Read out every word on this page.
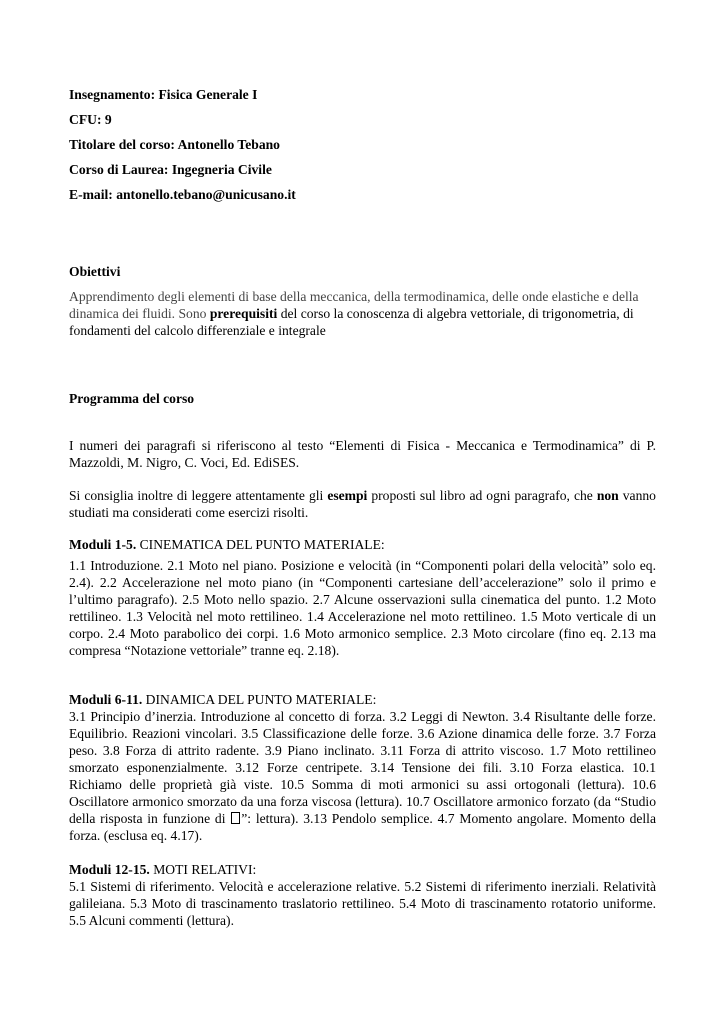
Insegnamento: Fisica Generale I

CFU: 9

Titolare del corso: Antonello Tebano

Corso di Laurea: Ingegneria Civile

E-mail: antonello.tebano@unicusano.it

Obiettivi

Apprendimento degli elementi di base della meccanica, della termodinamica, delle onde elastiche e della dinamica dei fluidi. Sono prerequisiti del corso la conoscenza di algebra vettoriale, di trigonometria, di fondamenti del calcolo differenziale e integrale

Programma del corso

I numeri dei paragrafi si riferiscono al testo “Elementi di Fisica - Meccanica e Termodinamica” di P. Mazzoldi, M. Nigro, C. Voci, Ed. EdiSES.

Si consiglia inoltre di leggere attentamente gli esempi proposti sul libro ad ogni paragrafo, che non vanno studiati ma considerati come esercizi risolti.

Moduli 1-5. CINEMATICA DEL PUNTO MATERIALE:

1.1 Introduzione. 2.1 Moto nel piano. Posizione e velocità (in “Componenti polari della velocità” solo eq. 2.4). 2.2 Accelerazione nel moto piano (in “Componenti cartesiane dell’accelerazione” solo il primo e l’ultimo paragrafo). 2.5 Moto nello spazio. 2.7 Alcune osservazioni sulla cinematica del punto. 1.2 Moto rettilineo. 1.3 Velocità nel moto rettilineo. 1.4 Accelerazione nel moto rettilineo. 1.5 Moto verticale di un corpo. 2.4 Moto parabolico dei corpi. 1.6 Moto armonico semplice. 2.3 Moto circolare (fino eq. 2.13 ma compresa “Notazione vettoriale” tranne eq. 2.18).

Moduli 6-11. DINAMICA DEL PUNTO MATERIALE:

3.1 Principio d’inerzia. Introduzione al concetto di forza. 3.2 Leggi di Newton. 3.4 Risultante delle forze. Equilibrio. Reazioni vincolari. 3.5 Classificazione delle forze. 3.6 Azione dinamica delle forze. 3.7 Forza peso. 3.8 Forza di attrito radente. 3.9 Piano inclinato. 3.11 Forza di attrito viscoso. 1.7 Moto rettilineo smorzato esponenzialmente. 3.12 Forze centripete. 3.14 Tensione dei fili. 3.10 Forza elastica. 10.1 Richiamo delle proprietà già viste. 10.5 Somma di moti armonici su assi ortogonali (lettura). 10.6 Oscillatore armonico smorzato da una forza viscosa (lettura). 10.7 Oscillatore armonico forzato (da “Studio della risposta in funzione di ”: lettura). 3.13 Pendolo semplice. 4.7 Momento angolare. Momento della forza. (esclusa eq. 4.17).

Moduli 12-15. MOTI RELATIVI:

5.1 Sistemi di riferimento. Velocità e accelerazione relative. 5.2 Sistemi di riferimento inerziali. Relatività galileiana. 5.3 Moto di trascinamento traslatorio rettilineo. 5.4 Moto di trascinamento rotatorio uniforme. 5.5 Alcuni commenti (lettura).
